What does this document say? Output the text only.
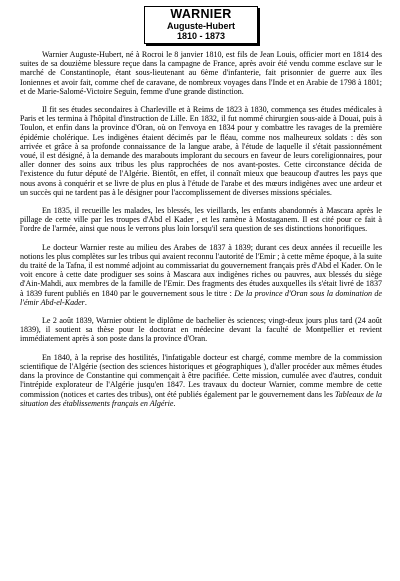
WARNIER
Auguste-Hubert
1810 - 1873

Warnier Auguste-Hubert, né à Rocroi le 8 janvier 1810, est fils de Jean Louis, officier mort en 1814 des suites de sa douzième blessure reçue dans la campagne de France, après avoir été vendu comme esclave sur le marché de Constantinople, étant sous-lieutenant au 6ème d'infanterie, fait prisonnier de guerre aux îles Ioniennes et avoir fait, comme chef de caravane, de nombreux voyages dans l'Inde et en Arabie de 1798 à 1801; et de Marie-Salomé-Victoire Seguin, femme d'une grande distinction.

Il fit ses études secondaires à Charleville et à Reims de 1823 à 1830, commença ses études médicales à Paris et les termina à l'hôpital d'instruction de Lille. En 1832, il fut nommé chirurgien sous-aide à Douai, puis à Toulon, et enfin dans la province d'Oran, où on l'envoya en 1834 pour y combattre les ravages de la première épidémie cholérique. Les indigènes étaient décimés par le fléau, comme nos malheureux soldats : dès son arrivée et grâce à sa profonde connaissance de la langue arabe, à l'étude de laquelle il s'était passionnément voué, il est désigné, à la demande des marabouts implorant du secours en faveur de leurs coreligionnaires, pour aller donner des soins aux tribus les plus rapprochées de nos avant-postes. Cette circonstance décida de l'existence du futur député de l'Algérie. Bientôt, en effet, il connaît mieux que beaucoup d'autres les pays que nous avons à conquérir et se livre de plus en plus à l'étude de l'arabe et des mœurs indigènes avec une ardeur et un succès qui ne tardent pas à le désigner pour l'accomplissement de diverses missions spéciales.

En 1835, il recueille les malades, les blessés, les vieillards, les enfants abandonnés à Mascara après le pillage de cette ville par les troupes d'Abd el Kader , et les ramène à Mostaganem. Il est cité pour ce fait à l'ordre de l'armée, ainsi que nous le verrons plus loin lorsqu'il sera question de ses distinctions honorifiques.

Le docteur Warnier reste au milieu des Arabes de 1837 à 1839; durant ces deux années il recueille les notions les plus complètes sur les tribus qui avaient reconnu l'autorité de l'Emir ; à cette même époque, à la suite du traité de la Tafna, il est nommé adjoint au commissariat du gouvernement français près d'Abd el Kader. On le voit encore à cette date prodiguer ses soins à Mascara aux indigènes riches ou pauvres, aux blessés du siège d'Ain-Mahdi, aux membres de la famille de l'Emir. Des fragments des études auxquelles ils s'était livré de 1837 à 1839 furent publiés en 1840 par le gouvernement sous le titre : De la province d'Oran sous la domination de l'émir Abd-el-Kader.

Le 2 août 1839, Warnier obtient le diplôme de bachelier ès sciences; vingt-deux jours plus tard (24 août 1839), il soutient sa thèse pour le doctorat en médecine devant la faculté de Montpellier et revient immédiatement après à son poste dans la province d'Oran.

En 1840, à la reprise des hostilités, l'infatigable docteur est chargé, comme membre de la commission scientifique de l'Algérie (section des sciences historiques et géographiques ), d'aller procéder aux mêmes études dans la province de Constantine qui commençait à être pacifiée. Cette mission, cumulée avec d'autres, conduit l'intrépide explorateur de l'Algérie jusqu'en 1847. Les travaux du docteur Warnier, comme membre de cette commission (notices et cartes des tribus), ont été publiés également par le gouvernement dans les Tableaux de la situation des établissements français en Algérie.
